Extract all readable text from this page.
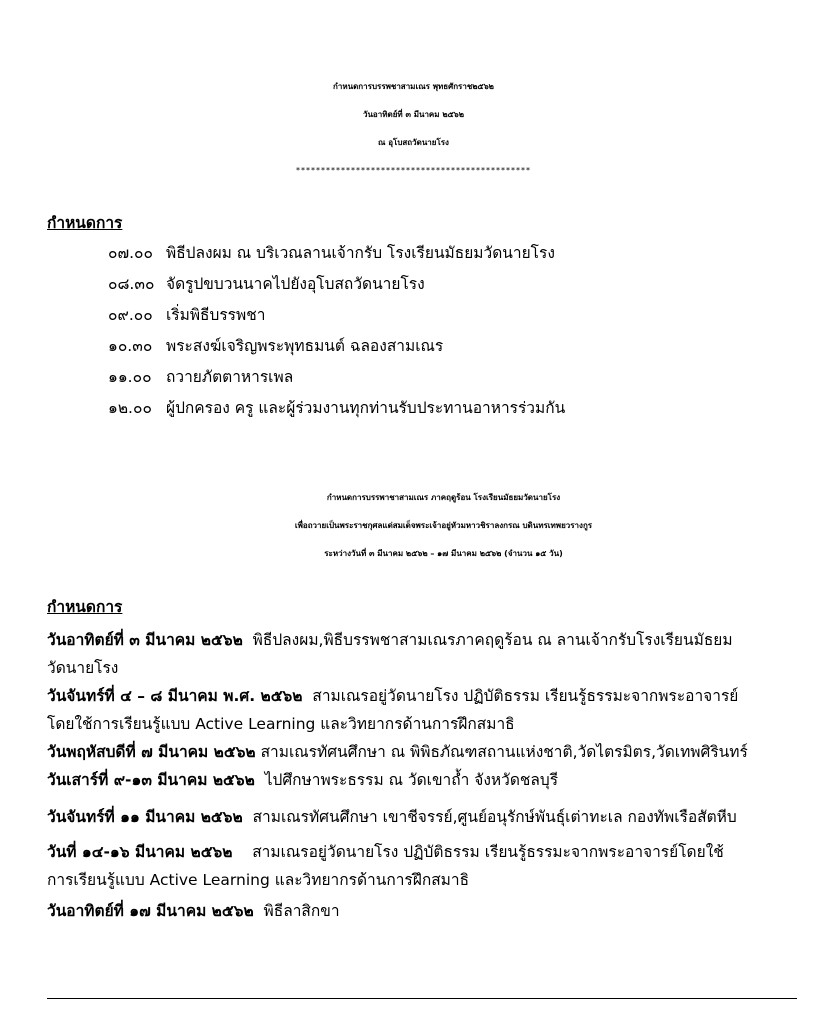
กำหนดการบรรพชาสามเณร พุทธศักราช๒๕๖๒
วันอาทิตย์ที่ ๓ มีนาคม ๒๕๖๒
ณ อุโบสถวัดนายโรง
***********************************************
กำหนดการ
๐๗.๐๐ พิธีปลงผม ณ บริเวณลานเจ้ากรับ โรงเรียนมัธยมวัดนายโรง
๐๘.๓๐ จัดรูปขบวนนาคไปยังอุโบสถวัดนายโรง
๐๙.๐๐ เริ่มพิธีบรรพชา
๑๐.๓๐ พระสงฆ์เจริญพระพุทธมนต์ ฉลองสามเณร
๑๑.๐๐ ถวายภัตตาหารเพล
๑๒.๐๐ ผู้ปกครอง ครู และผู้ร่วมงานทุกท่านรับประทานอาหารร่วมกัน
กำหนดการบรรพาชาสามเณร ภาคฤดูร้อน โรงเรียนมัธยมวัดนายโรง
เพื่อถวายเป็นพระราชกุศลแด่สมเด็จพระเจ้าอยู่หัวมหาวชิราลงกรณ บดินทรเทพยวรางกูร
ระหว่างวันที่ ๓ มีนาคม ๒๕๖๒ – ๑๗ มีนาคม ๒๕๖๒ (จำนวน ๑๕ วัน)
กำหนดการ
วันอาทิตย์ที่ ๓ มีนาคม ๒๕๖๒ พิธีปลงผม,พิธีบรรพชาสามเณรภาคฤดูร้อน ณ ลานเจ้ากรับโรงเรียนมัธยม
วัดนายโรง
วันจันทร์ที่ ๔ – ๘ มีนาคม พ.ศ. ๒๕๖๒ สามเณรอยู่วัดนายโรง ปฏิบัติธรรม เรียนรู้ธรรมะจากพระอาจารย์
โดยใช้การเรียนรู้แบบ Active Learning และวิทยากรด้านการฝึกสมาธิ
วันพฤหัสบดีที่ ๗ มีนาคม ๒๕๖๒ สามเณรทัศนศึกษา ณ พิพิธภัณฑสถานแห่งชาติ,วัดไตรมิตร,วัดเทพศิรินทร์
วันเสาร์ที่ ๙-๑๓ มีนาคม ๒๕๖๒ ไปศึกษาพระธรรม ณ วัดเขาถ้ำ จังหวัดชลบุรี
วันจันทร์ที่ ๑๑ มีนาคม ๒๕๖๒ สามเณรทัศนศึกษา เขาชีจรรย์,ศูนย์อนุรักษ์พันธุ์เต่าทะเล กองทัพเรือสัตหีบ
วันที่ ๑๔-๑๖ มีนาคม ๒๕๖๒ สามเณรอยู่วัดนายโรง ปฏิบัติธรรม เรียนรู้ธรรมะจากพระอาจารย์โดยใช้
การเรียนรู้แบบ Active Learning และวิทยากรด้านการฝึกสมาธิ
วันอาทิตย์ที่ ๑๗ มีนาคม ๒๕๖๒ พิธีลาสิกขา
